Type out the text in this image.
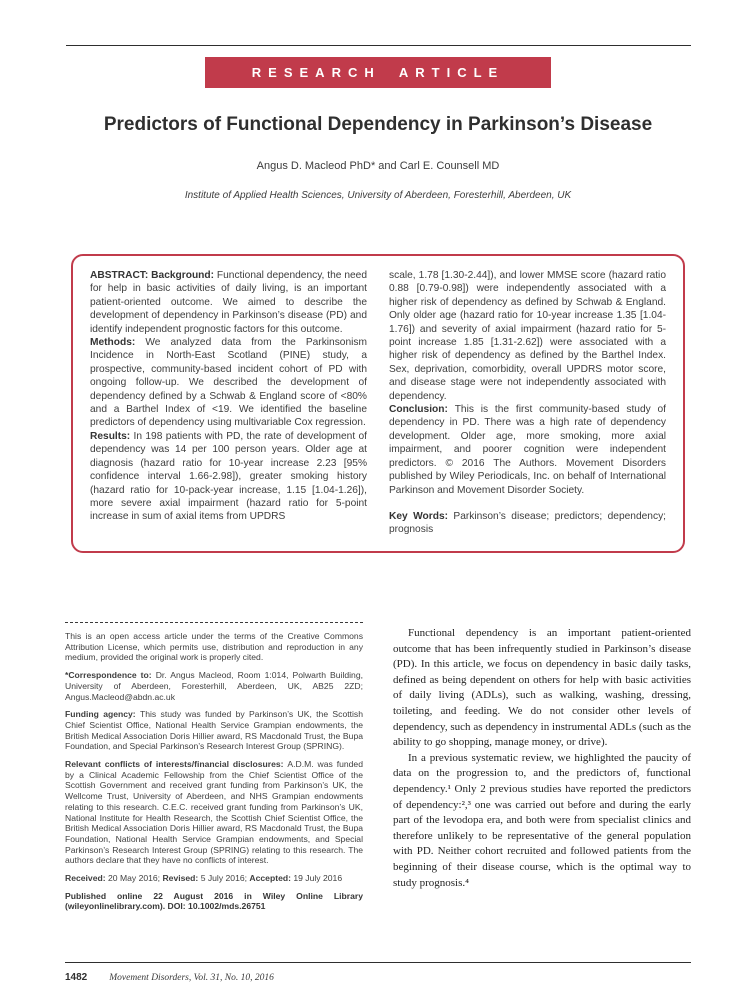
RESEARCH ARTICLE
Predictors of Functional Dependency in Parkinson’s Disease
Angus D. Macleod PhD* and Carl E. Counsell MD
Institute of Applied Health Sciences, University of Aberdeen, Foresterhill, Aberdeen, UK

ABSTRACT: Background: Functional dependency, the need for help in basic activities of daily living, is an important patient-oriented outcome. We aimed to describe the development of dependency in Parkinson’s disease (PD) and identify independent prognostic factors for this outcome.

Methods: We analyzed data from the Parkinsonism Incidence in North-East Scotland (PINE) study, a prospective, community-based incident cohort of PD with ongoing follow-up. We described the development of dependency defined by a Schwab & England score of <80% and a Barthel Index of <19. We identified the baseline predictors of dependency using multivariable Cox regression.

Results: In 198 patients with PD, the rate of development of dependency was 14 per 100 person years. Older age at diagnosis (hazard ratio for 10-year increase 2.23 [95% confidence interval 1.66-2.98]), greater smoking history (hazard ratio for 10-pack-year increase, 1.15 [1.04-1.26]), more severe axial impairment (hazard ratio for 5-point increase in sum of axial items from UPDRS

scale, 1.78 [1.30-2.44]), and lower MMSE score (hazard ratio 0.88 [0.79-0.98]) were independently associated with a higher risk of dependency as defined by Schwab & England. Only older age (hazard ratio for 10-year increase 1.35 [1.04-1.76]) and severity of axial impairment (hazard ratio for 5-point increase 1.85 [1.31-2.62]) were associated with a higher risk of dependency as defined by the Barthel Index. Sex, deprivation, comorbidity, overall UPDRS motor score, and disease stage were not independently associated with dependency.

Conclusion: This is the first community-based study of dependency in PD. There was a high rate of dependency development. Older age, more smoking, more axial impairment, and poorer cognition were independent predictors. © 2016 The Authors. Movement Disorders published by Wiley Periodicals, Inc. on behalf of International Parkinson and Movement Disorder Society.

Key Words: Parkinson’s disease; predictors; dependency; prognosis

This is an open access article under the terms of the Creative Commons Attribution License, which permits use, distribution and reproduction in any medium, provided the original work is properly cited.

*Correspondence to: Dr. Angus Macleod, Room 1:014, Polwarth Building, University of Aberdeen, Foresterhill, Aberdeen, UK, AB25 2ZD; Angus.Macleod@abdn.ac.uk

Funding agency: This study was funded by Parkinson’s UK, the Scottish Chief Scientist Office, National Health Service Grampian endowments, the British Medical Association Doris Hillier award, RS Macdonald Trust, the Bupa Foundation, and Special Parkinson’s Research Interest Group (SPRING).

Relevant conflicts of interests/financial disclosures: A.D.M. was funded by a Clinical Academic Fellowship from the Chief Scientist Office of the Scottish Government and received grant funding from Parkinson’s UK, the Wellcome Trust, University of Aberdeen, and NHS Grampian endowments relating to this research. C.E.C. received grant funding from Parkinson’s UK, National Institute for Health Research, the Scottish Chief Scientist Office, the British Medical Association Doris Hillier award, RS Macdonald Trust, the Bupa Foundation, National Health Service Grampian endowments, and Special Parkinson’s Research Interest Group (SPRING) relating to this research. The authors declare that they have no conflicts of interest.

Received: 20 May 2016; Revised: 5 July 2016; Accepted: 19 July 2016

Published online 22 August 2016 in Wiley Online Library (wileyonlinelibrary.com). DOI: 10.1002/mds.26751

Functional dependency is an important patient-oriented outcome that has been infrequently studied in Parkinson’s disease (PD). In this article, we focus on dependency in basic daily tasks, defined as being dependent on others for help with basic activities of daily living (ADLs), such as walking, washing, dressing, toileting, and feeding. We do not consider other levels of dependency, such as dependency in instrumental ADLs (such as the ability to go shopping, manage money, or drive).

In a previous systematic review, we highlighted the paucity of data on the progression to, and the predictors of, functional dependency.¹ Only 2 previous studies have reported the predictors of dependency:²,³ one was carried out before and during the early part of the levodopa era, and both were from specialist clinics and therefore unlikely to be representative of the general population with PD. Neither cohort recruited and followed patients from the beginning of their disease course, which is the optimal way to study prognosis.⁴

1482 Movement Disorders, Vol. 31, No. 10, 2016
